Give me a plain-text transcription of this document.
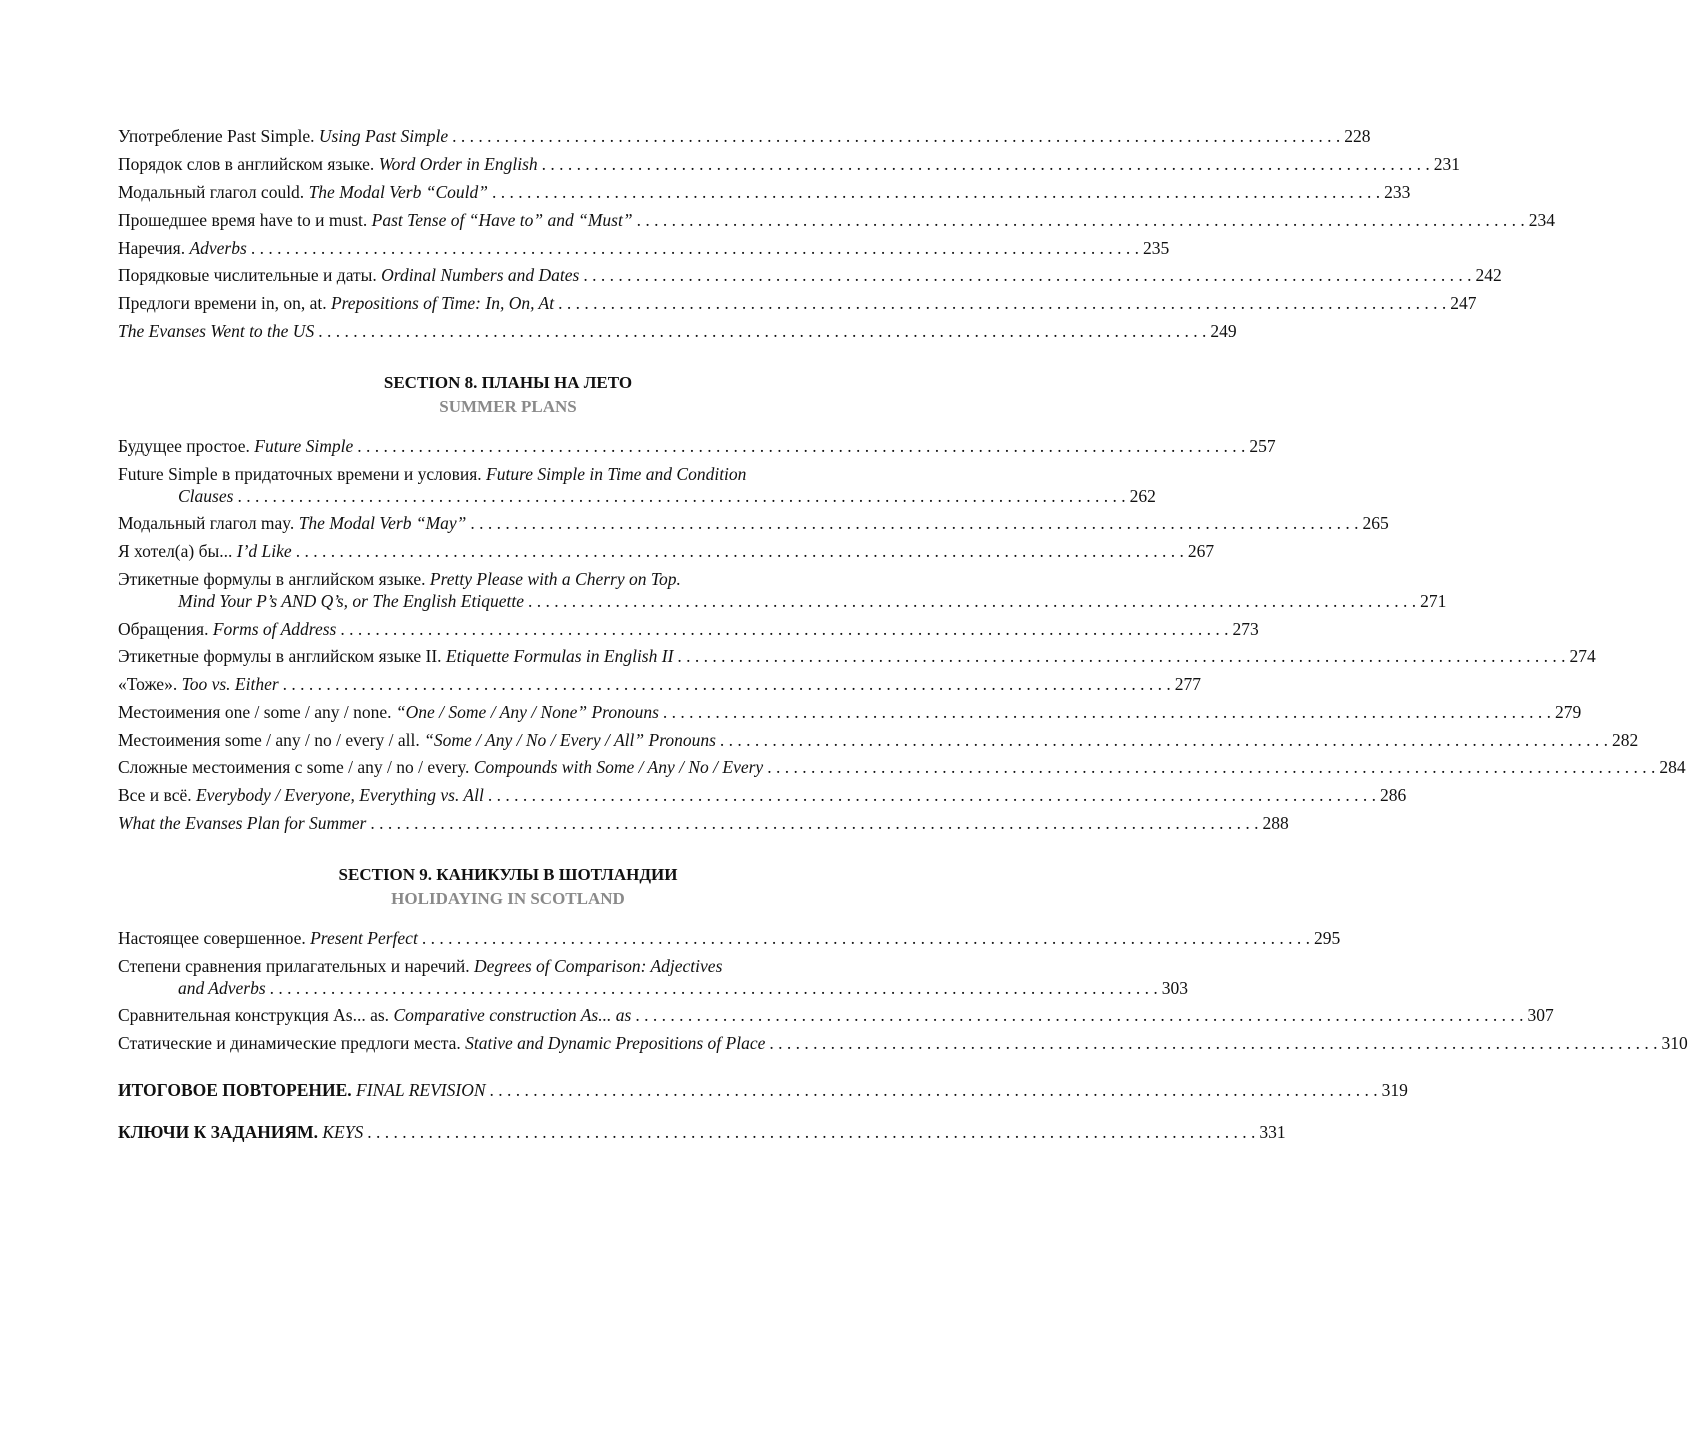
Употребление Past Simple. Using Past Simple . . .	228
Порядок слов в английском языке. Word Order in English . . .	231
Модальный глагол could. The Modal Verb “Could” . . .	233
Прошедшее время have to и must. Past Tense of “Have to” and “Must” . . .	234
Наречия. Adverbs . . .	235
Порядковые числительные и даты. Ordinal Numbers and Dates . . .	242
Предлоги времени in, on, at. Prepositions of Time: In, On, At . . .	247
The Evanses Went to the US . . .	249
SECTION 8. ПЛАНЫ НА ЛЕТО
SUMMER PLANS
Будущее простое. Future Simple . . .	257
Future Simple в придаточных времени и условия. Future Simple in Time and Condition
Clauses . . .	262
Модальный глагол may. The Modal Verb “May” . . .	265
Я хотел(а) бы... I’d Like . . .	267
Этикетные формулы в английском языке. Pretty Please with a Cherry on Top.
Mind Your P’s AND Q’s, or The English Etiquette . . .	271
Обращения. Forms of Address . . .	273
Этикетные формулы в английском языке II. Etiquette Formulas in English II . . .	274
«Тоже». Too vs. Either . . .	277
Местоимения one / some / any / none. “One / Some / Any / None” Pronouns . . .	279
Местоимения some / any / no / every / all. “Some / Any / No / Every / All” Pronouns . . .	282
Сложные местоимения с some / any / no / every. Compounds with Some / Any / No / Every . . .	284
Все и всё. Everybody / Everyone, Everything vs. All . . .	286
What the Evanses Plan for Summer . . .	288
SECTION 9. КАНИКУЛЫ В ШОТЛАНДИИ
HOLIDAYING IN SCOTLAND
Настоящее совершенное. Present Perfect . . .	295
Степени сравнения прилагательных и наречий. Degrees of Comparison: Adjectives
and Adverbs . . .	303
Сравнительная конструкция As... as. Comparative construction As... as . . .	307
Статические и динамические предлоги места. Stative and Dynamic Prepositions of Place . . .	310
ИТОГОВОЕ ПОВТОРЕНИЕ. FINAL REVISION . . .	319
КЛЮЧИ К ЗАДАНИЯМ. KEYS . . .	331
